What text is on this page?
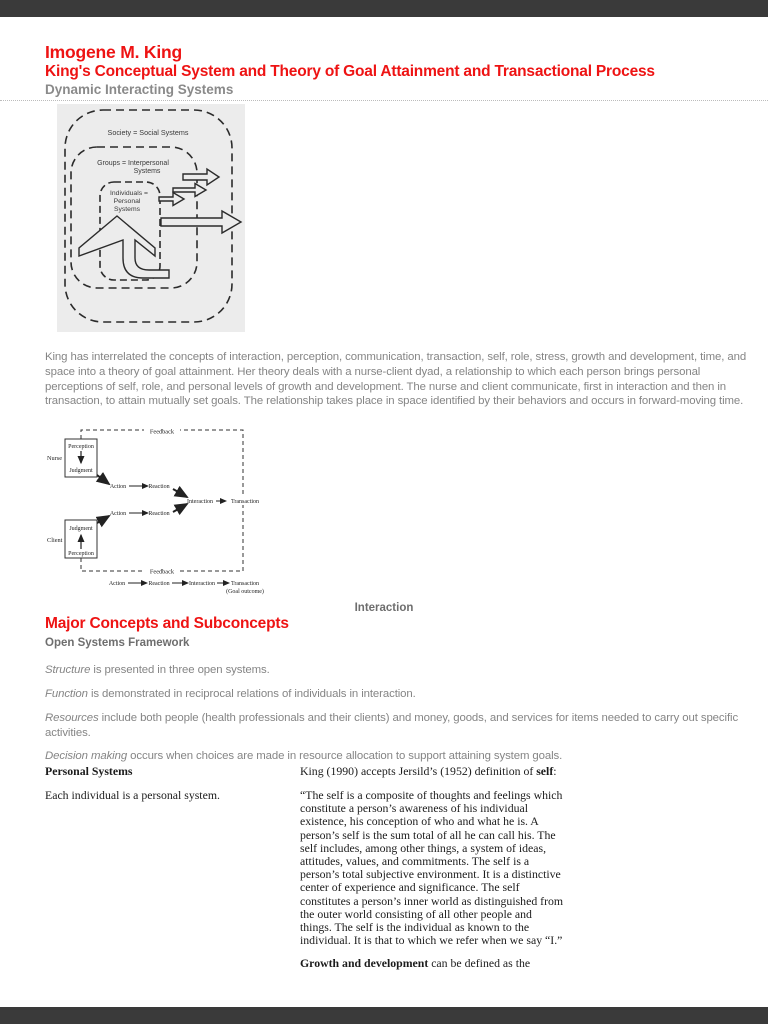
Imogene M. King
King's Conceptual System and Theory of Goal Attainment and Transactional Process
Dynamic Interacting Systems
Society = Social Systems
Groups = Interpersonal
Systems
Individuals =
Personal
Systems
King has interrelated the concepts of interaction, perception, communication, transaction, self, role, stress, growth and development, time, and space into a theory of goal attainment. Her theory deals with a nurse-client dyad, a relationship to which each person brings personal perceptions of self, role, and personal levels of growth and development. The nurse and client communicate, first in interaction and then in transaction, to attain mutually set goals. The relationship takes place in space identified by their behaviors and occurs in forward-moving time.
Feedback
Feedback
Perception
Judgment
Nurse
Action	Reaction
Interaction	Transaction
Action	Reaction
Judgment
Perception
Client
Action	Reaction	Interaction	Transaction
(Goal outcome)
Interaction
Major Concepts and Subconcepts
Open Systems Framework

Structure is presented in three open systems.

Function is demonstrated in reciprocal relations of individuals in interaction.

Resources include both people (health professionals and their clients) and money, goods, and services for items needed to carry out specific activities.

Decision making occurs when choices are made in resource allocation to support attaining system goals.

Personal Systems
Each individual is a personal system.
King (1990) accepts Jersild’s (1952) definition of self:
“The self is a composite of thoughts and feelings which constitute a person’s awareness of his individual existence, his conception of who and what he is. A person’s self is the sum total of all he can call his. The self includes, among other things, a system of ideas, attitudes, values, and commitments. The self is a person’s total subjective environment. It is a distinctive center of experience and significance. The self constitutes a person’s inner world as distinguished from the outer world consisting of all other people and things. The self is the individual as known to the individual. It is that to which we refer when we say “I.”
Growth and development can be defined as the
